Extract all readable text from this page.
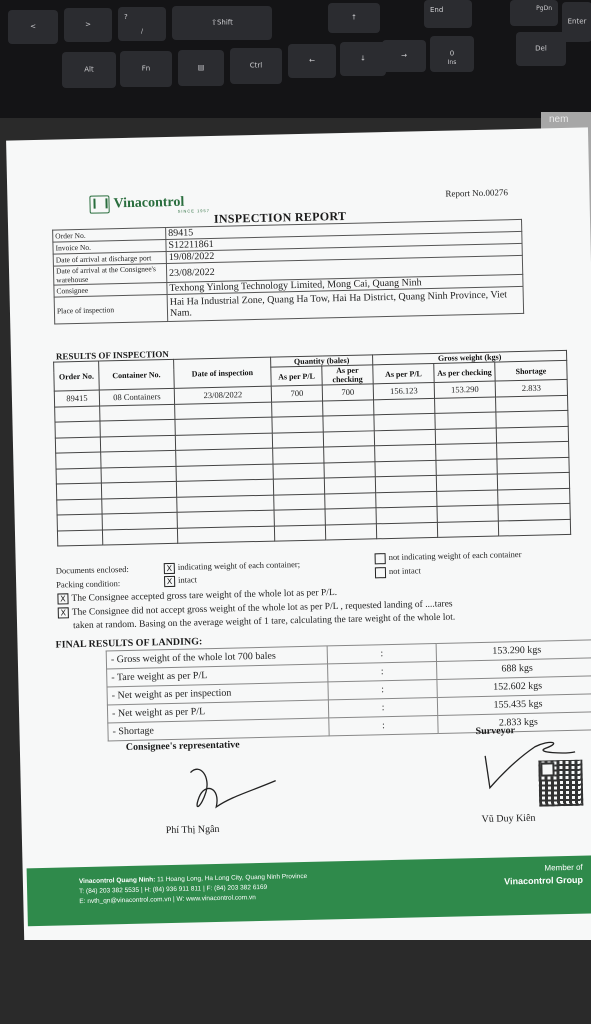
<	>
?
/
⇧Shift
↑
End	PgDn
Enter
Alt	Fn	▤	Ctrl
←	↓	→	0
Ins
Del
nem
Vinacontrol
SINCE 1957
Report No.00276
INSPECTION REPORT
Order No.	89415
Invoice No.	S12211861
Date of arrival at discharge port	19/08/2022
Date of arrival at the Consignee's warehouse	23/08/2022
Consignee	Texhong Yinlong Technology Limited, Mong Cai, Quang Ninh
Place of inspection	Hai Ha Industrial Zone, Quang Ha Tow, Hai Ha District, Quang Ninh Province, Viet Nam.
RESULTS OF INSPECTION
Order No.	Container No.	Date of inspection	Quantity (bales)		Gross weight (kgs)		
			As per P/L	As per checking	As per P/L	As per checking	Shortage
89415	08 Containers	23/08/2022	700	700	156.123	153.290	2.833

Documents enclosed:	X indicating weight of each container;
not indicating weight of each container
Packing condition:	X intact
not intact
X The Consignee accepted gross tare weight of the whole lot as per P/L.
X The Consignee did not accept gross weight of the whole lot as per P/L , requested landing of ....tares
taken at random. Basing on the average weight of 1 tare, calculating the tare weight of the whole lot.
FINAL RESULTS OF LANDING:
- Gross weight of the whole lot 700 bales	:	153.290 kgs
- Tare weight as per P/L	:	688 kgs
- Net weight as per inspection	:	152.602 kgs
- Net weight as per P/L	:	155.435 kgs
- Shortage	:	2.833 kgs
Consignee's representative
Surveyor
Phí Thị Ngân
Vũ Duy Kiên
Vinacontrol Quang Ninh: 11 Hoang Long, Ha Long City, Quang Ninh Province
T: (84) 203 382 5535 | H: (84) 936 911 811 | F: (84) 203 382 6169
E: nvth_qn@vinacontrol.com.vn | W: www.vinacontrol.com.vn
Member of
Vinacontrol Group
